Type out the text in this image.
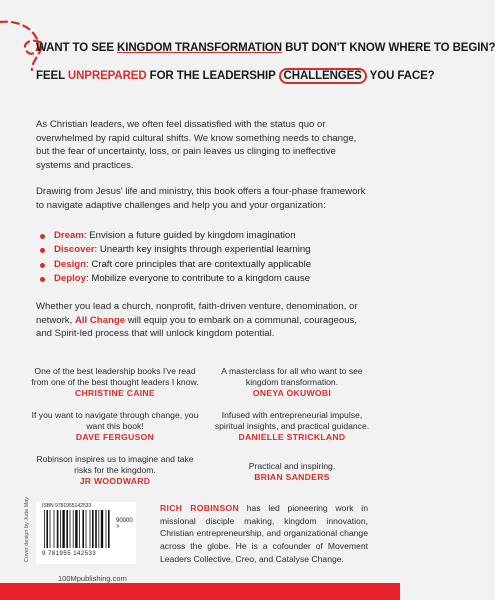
WANT TO SEE KINGDOM TRANSFORMATION BUT DON'T KNOW WHERE TO BEGIN?
FEEL UNPREPARED FOR THE LEADERSHIP CHALLENGES YOU FACE?
As Christian leaders, we often feel dissatisfied with the status quo or overwhelmed by rapid cultural shifts. We know something needs to change, but the fear of uncertainty, loss, or pain leaves us clinging to ineffective systems and practices.
Drawing from Jesus' life and ministry, this book offers a four-phase framework to navigate adaptive challenges and help you and your organization:
Dream: Envision a future guided by kingdom imagination
Discover: Unearth key insights through experiential learning
Design: Craft core principles that are contextually applicable
Deploy: Mobilize everyone to contribute to a kingdom cause
Whether you lead a church, nonprofit, faith-driven venture, denomination, or network, All Change will equip you to embark on a communal, courageous, and Spirit-led process that will unlock kingdom potential.
One of the best leadership books I've read from one of the best thought leaders I know.
CHRISTINE CAINE
If you want to navigate through change, you want this book!
DAVE FERGUSON
Robinson inspires us to imagine and take risks for the kingdom.
JR WOODWARD
A masterclass for all who want to see kingdom transformation.
ONEYA OKUWOBI
Infused with entrepreneurial impulse, spiritual insights, and practical guidance.
DANIELLE STRICKLAND
Practical and inspiring.
BRIAN SANDERS
Cover design by Jude May ISBN 9781955142533
90000 >
9 781955 142533
100Mpublishing.com
RICH ROBINSON has led pioneering work in missional disciple making, kingdom innovation, Christian entrepreneurship, and organizational change across the globe. He is a cofounder of Movement Leaders Collective, Creo, and Catalyse Change.
